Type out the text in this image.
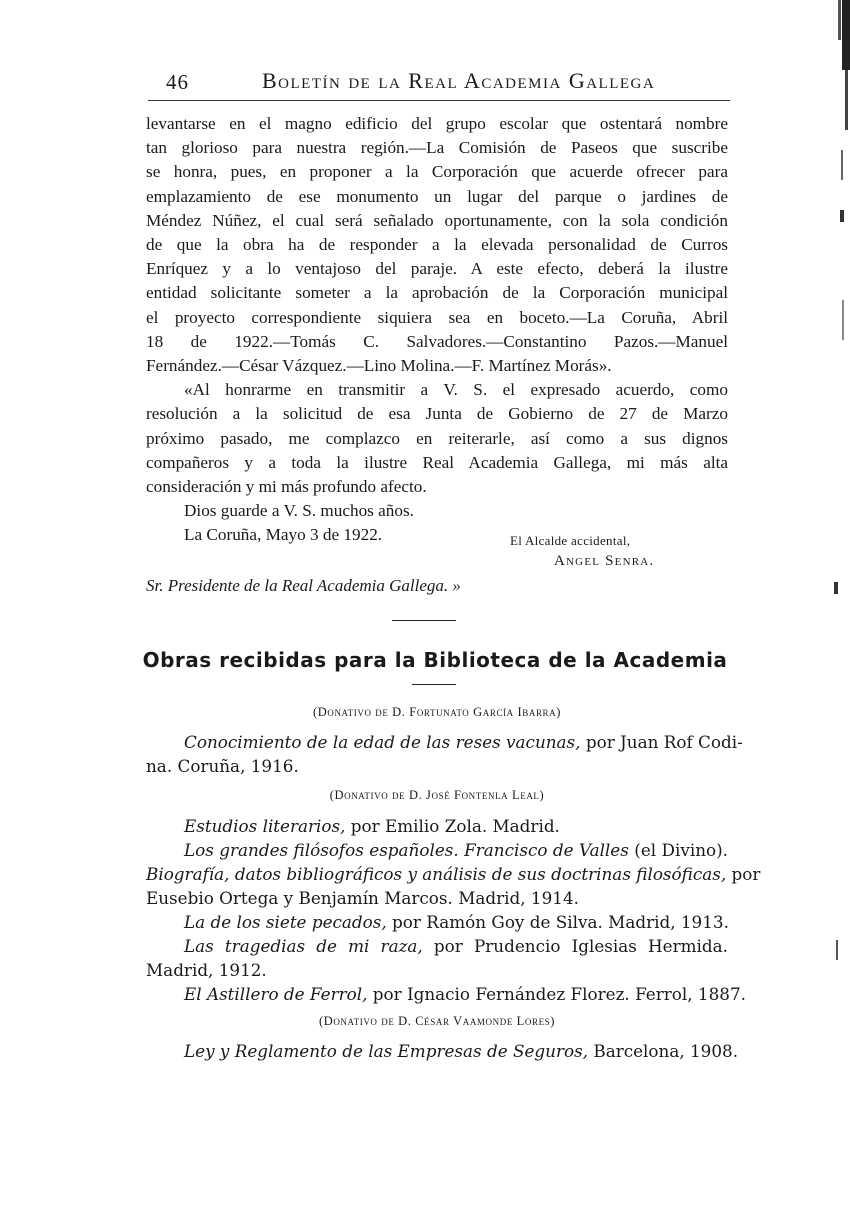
46	Boletín de la Real Academia Gallega

levantarse en el magno edificio del grupo escolar que ostentará nombre
tan glorioso para nuestra región.—La Comisión de Paseos que suscribe
se honra, pues, en proponer a la Corporación que acuerde ofrecer para
emplazamiento de ese monumento un lugar del parque o jardines de
Méndez Núñez, el cual será señalado oportunamente, con la sola condición
de que la obra ha de responder a la elevada personalidad de Curros
Enríquez y a lo ventajoso del paraje. A este efecto, deberá la ilustre
entidad solicitante someter a la aprobación de la Corporación municipal
el proyecto correspondiente siquiera sea en boceto.—La Coruña, Abril
18 de 1922.—Tomás C. Salvadores.—Constantino Pazos.—Manuel
Fernández.—César Vázquez.—Lino Molina.—F. Martínez Morás».

«Al honrarme en transmitir a V. S. el expresado acuerdo, como
resolución a la solicitud de esa Junta de Gobierno de 27 de Marzo
próximo pasado, me complazco en reiterarle, así como a sus dignos
compañeros y a toda la ilustre Real Academia Gallega, mi más alta
consideración y mi más profundo afecto.

Dios guarde a V. S. muchos años.
La Coruña, Mayo 3 de 1922.	El Alcalde accidental,
Angel Senra.
Sr. Presidente de la Real Academia Gallega. »
Obras recibidas para la Biblioteca de la Academia
(Donativo de D. Fortunato García Ibarra)

Conocimiento de la edad de las reses vacunas, por Juan Rof Codi-
na. Coruña, 1916.

(Donativo de D. José Fontenla Leal)

Estudios literarios, por Emilio Zola. Madrid.

Los grandes filósofos españoles. Francisco de Valles (el Divino).
Biografía, datos bibliográficos y análisis de sus doctrinas filosóficas, por
Eusebio Ortega y Benjamín Marcos. Madrid, 1914.

La de los siete pecados, por Ramón Goy de Silva. Madrid, 1913.

Las tragedias de mi raza, por Prudencio Iglesias Hermida.
Madrid, 1912.

El Astillero de Ferrol, por Ignacio Fernández Florez. Ferrol, 1887.

(Donativo de D. César Vaamonde Lores)

Ley y Reglamento de las Empresas de Seguros, Barcelona, 1908.
